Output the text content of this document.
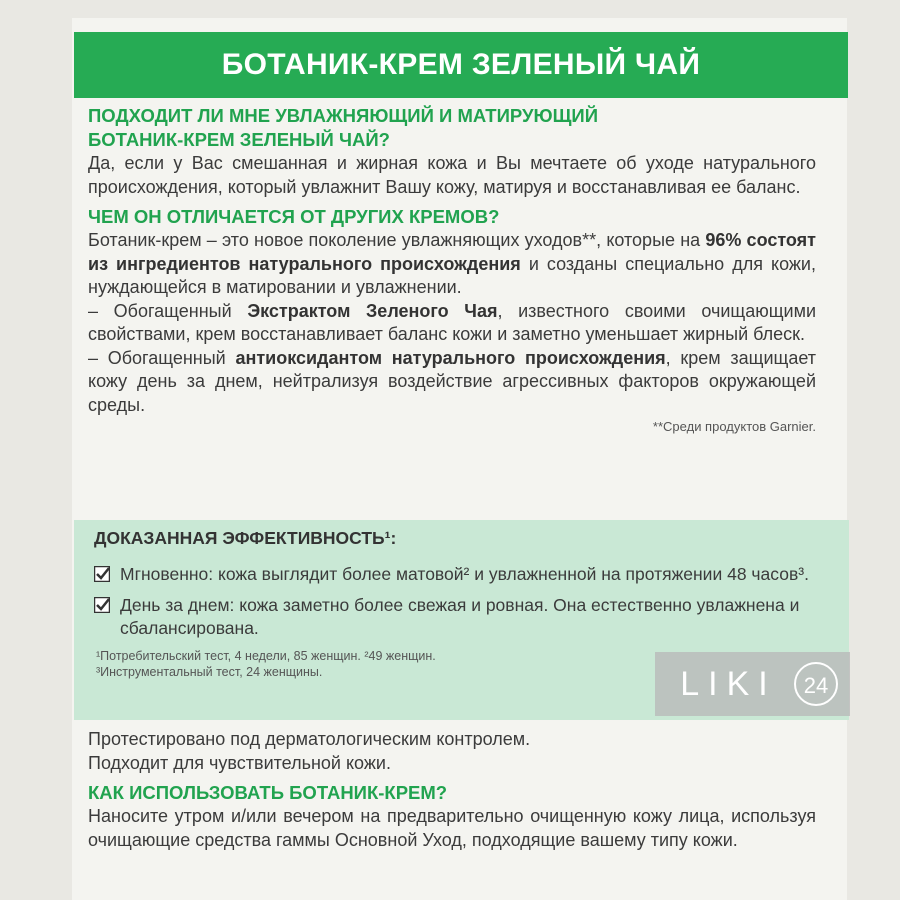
БОТАНИК-КРЕМ ЗЕЛЕНЫЙ ЧАЙ

ПОДХОДИТ ЛИ МНЕ УВЛАЖНЯЮЩИЙ И МАТИРУЮЩИЙ

БОТАНИК-КРЕМ ЗЕЛЕНЫЙ ЧАЙ?

Да, если у Вас смешанная и жирная кожа и Вы мечтаете об уходе натурального происхождения, который увлажнит Вашу кожу, матируя и восстанавливая ее баланс.

ЧЕМ ОН ОТЛИЧАЕТСЯ ОТ ДРУГИХ КРЕМОВ?

Ботаник-крем – это новое поколение увлажняющих уходов**, которые на 96% состоят из ингредиентов натурального происхождения и созданы специально для кожи, нуждающейся в матировании и увлажнении.

– Обогащенный Экстрактом Зеленого Чая, известного своими очищающими свойствами, крем восстанавливает баланс кожи и заметно уменьшает жирный блеск.

– Обогащенный антиоксидантом натурального происхождения, крем защищает кожу день за днем, нейтрализуя воздействие агрессивных факторов окружающей среды.

**Среди продуктов Garnier.

ДОКАЗАННАЯ ЭФФЕКТИВНОСТЬ¹:

Мгновенно: кожа выглядит более матовой² и увлажненной на протяжении 48 часов³.
День за днем: кожа заметно более свежая и ровная. Она естественно увлажнена и сбалансирована.
¹Потребительский тест, 4 недели, 85 женщин. ²49 женщин.
³Инструментальный тест, 24 женщины.	LIKI	24

Протестировано под дерматологическим контролем.

Подходит для чувствительной кожи.

КАК ИСПОЛЬЗОВАТЬ БОТАНИК-КРЕМ?

Наносите утром и/или вечером на предварительно очищенную кожу лица, используя очищающие средства гаммы Основной Уход, подходящие вашему типу кожи.
